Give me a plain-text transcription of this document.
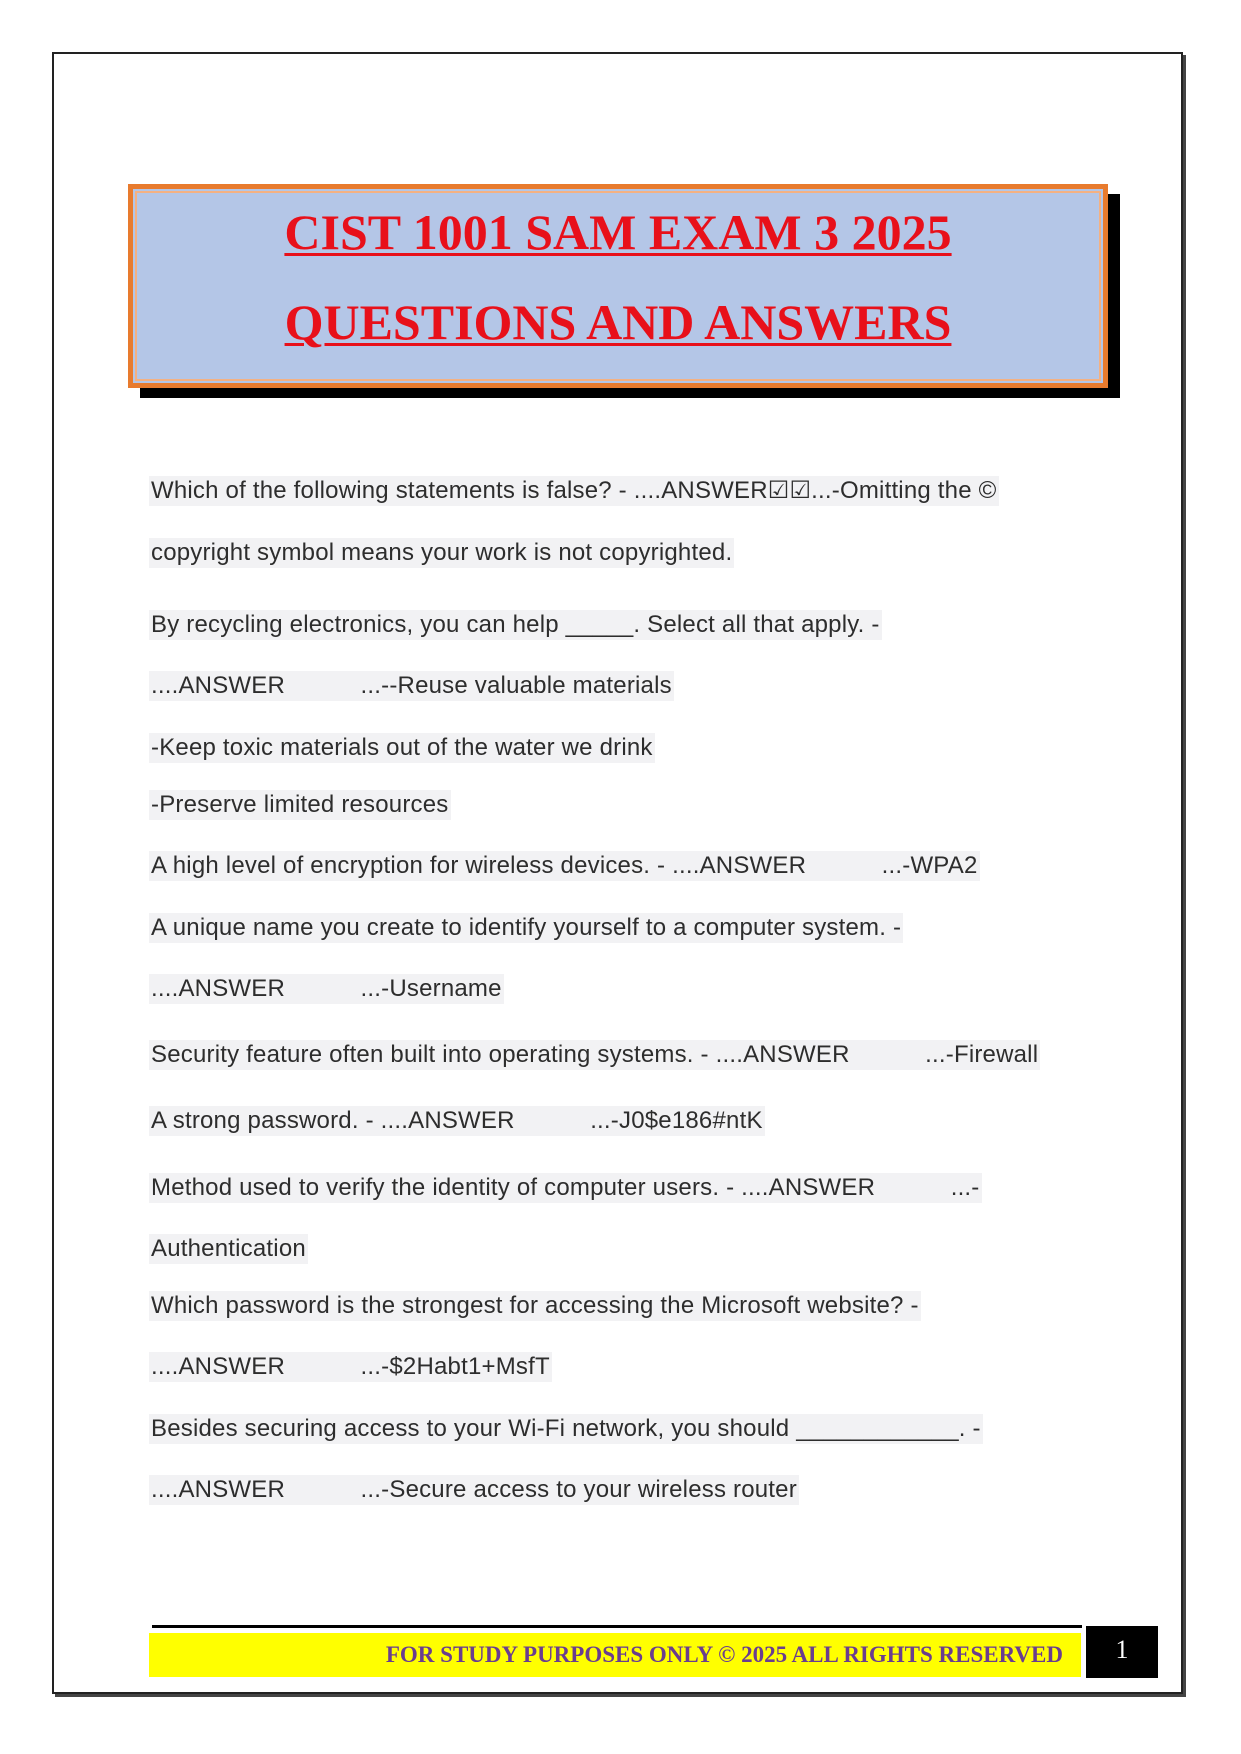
CIST 1001 SAM EXAM 3 2025
QUESTIONS AND ANSWERS
Which of the following statements is false? - ....ANSWER☑☑...-Omitting the ©
copyright symbol means your work is not copyrighted.
By recycling electronics, you can help _____. Select all that apply. -
....ANSWER           ...--Reuse valuable materials
-Keep toxic materials out of the water we drink
-Preserve limited resources
A high level of encryption for wireless devices. - ....ANSWER           ...-WPA2
A unique name you create to identify yourself to a computer system. -
....ANSWER           ...-Username
Security feature often built into operating systems. - ....ANSWER           ...-Firewall
A strong password. - ....ANSWER           ...-J0$e186#ntK
Method used to verify the identity of computer users. - ....ANSWER           ...-
Authentication
Which password is the strongest for accessing the Microsoft website? -
....ANSWER           ...-$2Habt1+MsfT
Besides securing access to your Wi-Fi network, you should ____________. -
....ANSWER           ...-Secure access to your wireless router
FOR STUDY PURPOSES ONLY © 2025 ALL RIGHTS RESERVED	1
